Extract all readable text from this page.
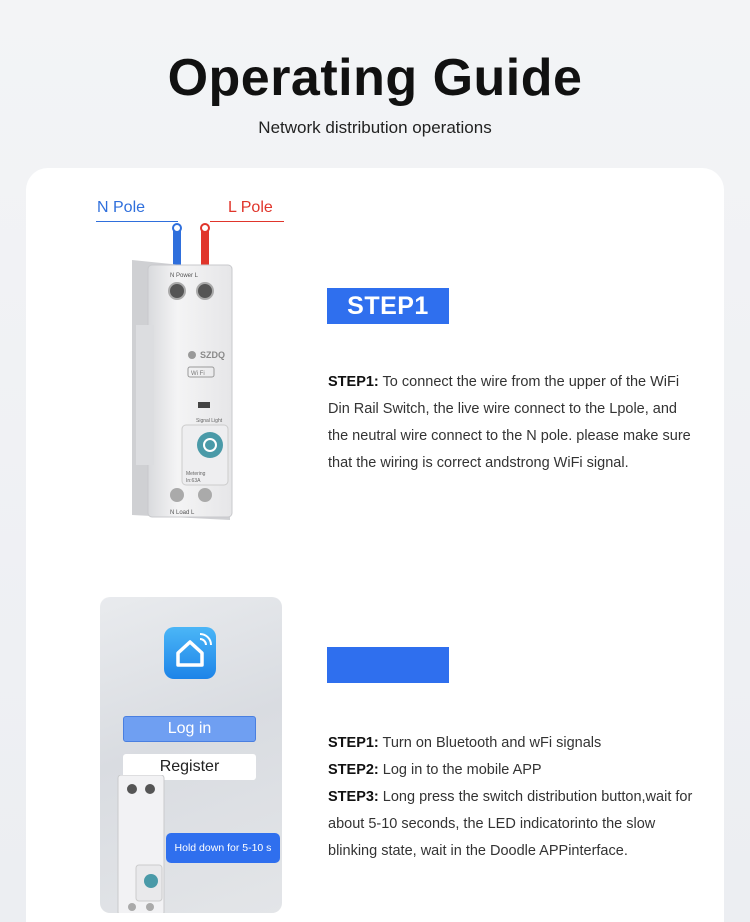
Operating Guide
Network distribution operations
N Pole	L Pole
N Power L
SZDQ
Wi Fi
Signal Light
Metering
In:63A
N Load L
STEP1
STEP1: To connect the wire from the upper of the WiFi Din Rail Switch, the live wire connect to the Lpole, and the neutral wire connect to the N pole. please make sure that the wiring is correct andstrong WiFi signal.
Log in
Register
Hold down for 5-10 s
STEP1: Turn on Bluetooth and wFi signals
STEP2: Log in to the mobile APP
STEP3: Long press the switch distribution button,wait for about 5-10 seconds, the LED indicatorinto the slow blinking state, wait in the Doodle APPinterface.
